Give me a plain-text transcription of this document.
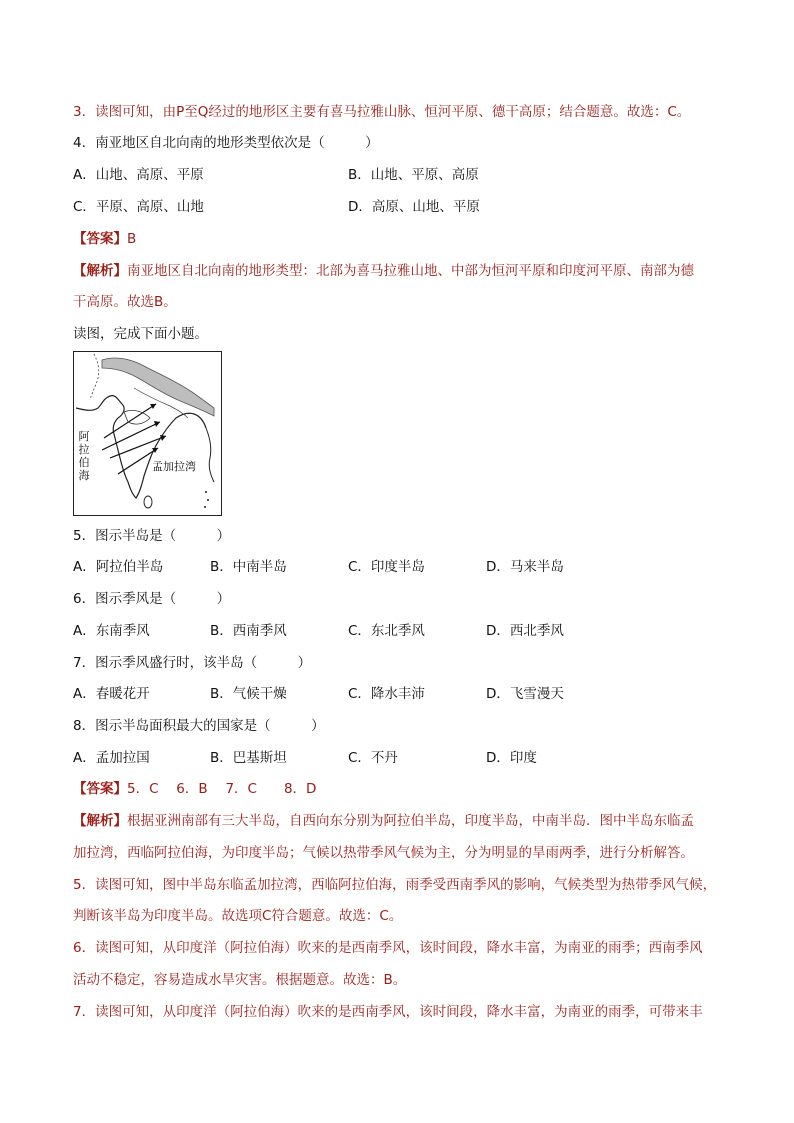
3．读图可知，由P至Q经过的地形区主要有喜马拉雅山脉、恒河平原、德干高原；结合题意。故选：C。
4．南亚地区自北向南的地形类型依次是（　　　）
A．山地、高原、平原	B．山地、平原、高原
C．平原、高原、山地	D．高原、山地、平原
【答案】B
【解析】南亚地区自北向南的地形类型：北部为喜马拉雅山地、中部为恒河平原和印度河平原、南部为德
干高原。故选B。
读图，完成下面小题。
阿
拉
伯
海
孟加拉湾
5．图示半岛是（　　　）
A．阿拉伯半岛	B．中南半岛	C．印度半岛	D．马来半岛
6．图示季风是（　　　）
A．东南季风	B．西南季风	C．东北季风	D．西北季风
7．图示季风盛行时，该半岛（　　　）
A．春暖花开	B．气候干燥	C．降水丰沛	D．飞雪漫天
8．图示半岛面积最大的国家是（　　　）
A．孟加拉国	B．巴基斯坦	C．不丹	D．印度
【答案】5．C　 6．B　 7．C　　8．D
【解析】根据亚洲南部有三大半岛，自西向东分别为阿拉伯半岛，印度半岛，中南半岛．图中半岛东临孟
加拉湾，西临阿拉伯海，为印度半岛；气候以热带季风气候为主，分为明显的旱雨两季，进行分析解答。
5．读图可知，图中半岛东临孟加拉湾，西临阿拉伯海，雨季受西南季风的影响，气候类型为热带季风气候，
判断该半岛为印度半岛。故选项C符合题意。故选：C。
6．读图可知，从印度洋（阿拉伯海）吹来的是西南季风，该时间段，降水丰富，为南亚的雨季；西南季风
活动不稳定，容易造成水旱灾害。根据题意。故选：B。
7．读图可知，从印度洋（阿拉伯海）吹来的是西南季风，该时间段，降水丰富，为南亚的雨季，可带来丰
